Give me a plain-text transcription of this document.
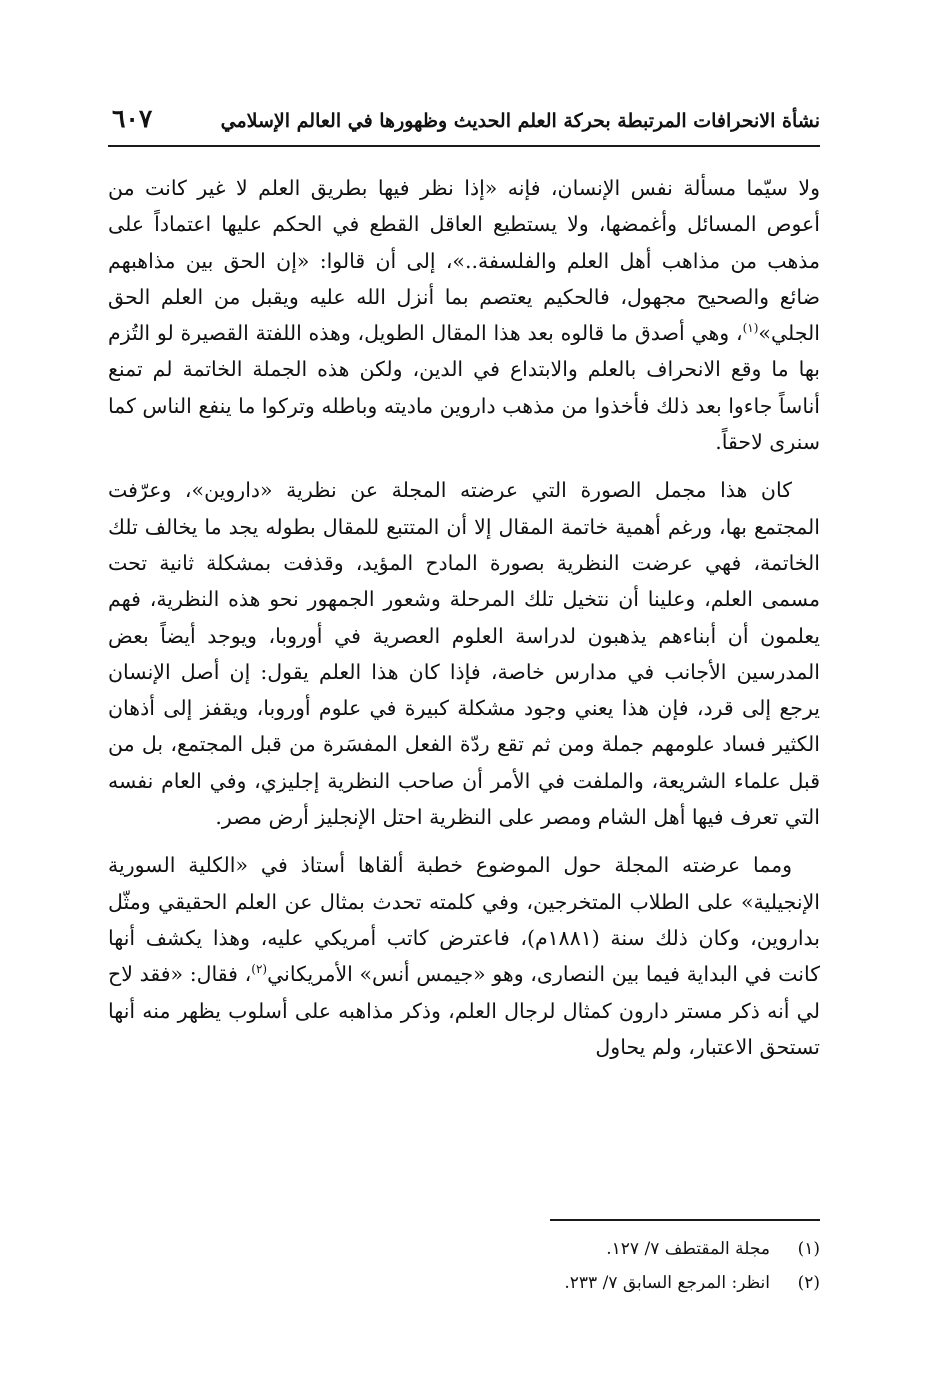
نشأة الانحرافات المرتبطة بحركة العلم الحديث وظهورها في العالم الإسلامي
٦٠٧

ولا سيّما مسألة نفس الإنسان، فإنه «إذا نظر فيها بطريق العلم لا غير كانت من أعوص المسائل وأغمضها، ولا يستطيع العاقل القطع في الحكم عليها اعتماداً على مذهب من مذاهب أهل العلم والفلسفة..»، إلى أن قالوا: «إن الحق بين مذاهبهم ضائع والصحيح مجهول، فالحكيم يعتصم بما أنزل الله عليه ويقبل من العلم الحق الجلي»$^{(١)}$، وهي أصدق ما قالوه بعد هذا المقال الطويل، وهذه اللفتة القصيرة لو التُزم بها ما وقع الانحراف بالعلم والابتداع في الدين، ولكن هذه الجملة الخاتمة لم تمنع أناساً جاءوا بعد ذلك فأخذوا من مذهب داروين ماديته وباطله وتركوا ما ينفع الناس كما سنرى لاحقاً.

كان هذا مجمل الصورة التي عرضته المجلة عن نظرية «داروين»، وعرّفت المجتمع بها، ورغم أهمية خاتمة المقال إلا أن المتتبع للمقال بطوله يجد ما يخالف تلك الخاتمة، فهي عرضت النظرية بصورة المادح المؤيد، وقذفت بمشكلة ثانية تحت مسمى العلم، وعلينا أن نتخيل تلك المرحلة وشعور الجمهور نحو هذه النظرية، فهم يعلمون أن أبناءهم يذهبون لدراسة العلوم العصرية في أوروبا، ويوجد أيضاً بعض المدرسين الأجانب في مدارس خاصة، فإذا كان هذا العلم يقول: إن أصل الإنسان يرجع إلى قرد، فإن هذا يعني وجود مشكلة كبيرة في علوم أوروبا، ويقفز إلى أذهان الكثير فساد علومهم جملة ومن ثم تقع ردّة الفعل المفسَرة من قبل المجتمع، بل من قبل علماء الشريعة، والملفت في الأمر أن صاحب النظرية إجليزي، وفي العام نفسه التي تعرف فيها أهل الشام ومصر على النظرية احتل الإنجليز أرض مصر.

ومما عرضته المجلة حول الموضوع خطبة ألقاها أستاذ في «الكلية السورية الإنجيلية» على الطلاب المتخرجين، وفي كلمته تحدث بمثال عن العلم الحقيقي ومثّل بداروين، وكان ذلك سنة (١٨٨١م)، فاعترض كاتب أمريكي عليه، وهذا يكشف أنها كانت في البداية فيما بين النصارى، وهو «جيمس أنس» الأمريكاني$^{(٢)}$، فقال: «فقد لاح لي أنه ذكر مستر دارون كمثال لرجال العلم، وذكر مذاهبه على أسلوب يظهر منه أنها تستحق الاعتبار، ولم يحاول

(١)
مجلة المقتطف ٧/ ١٢٧.
(٢)
انظر: المرجع السابق ٧/ ٢٣٣.
